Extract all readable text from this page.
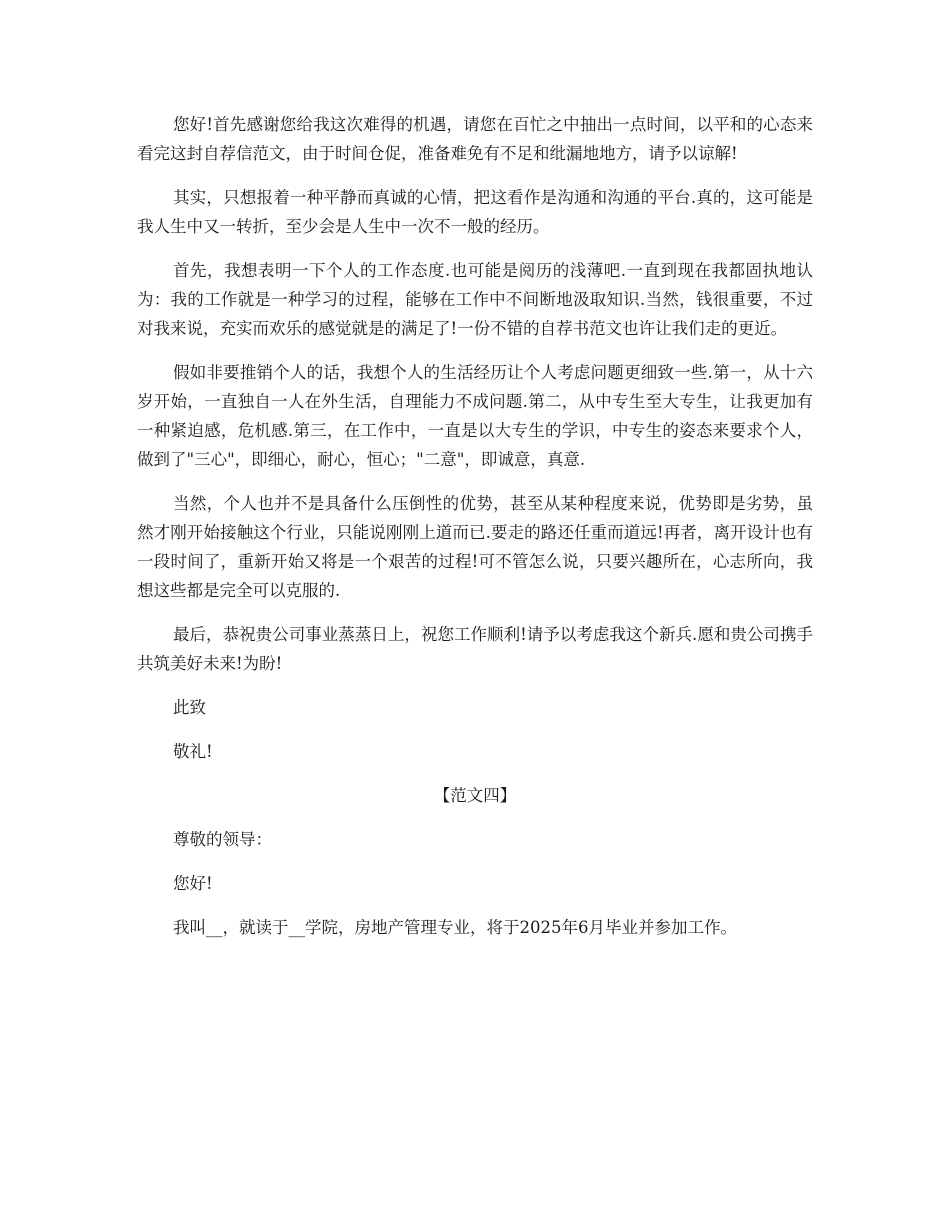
您好!首先感谢您给我这次难得的机遇，请您在百忙之中抽出一点时间，以平和的心态来看完这封自荐信范文，由于时间仓促，准备难免有不足和纰漏地地方，请予以谅解!

其实，只想报着一种平静而真诚的心情，把这看作是沟通和沟通的平台.真的，这可能是我人生中又一转折，至少会是人生中一次不一般的经历。

首先，我想表明一下个人的工作态度.也可能是阅历的浅薄吧.一直到现在我都固执地认为：我的工作就是一种学习的过程，能够在工作中不间断地汲取知识.当然，钱很重要，不过对我来说，充实而欢乐的感觉就是的满足了!一份不错的自荐书范文也许让我们走的更近。

假如非要推销个人的话，我想个人的生活经历让个人考虑问题更细致一些.第一，从十六岁开始，一直独自一人在外生活，自理能力不成问题.第二，从中专生至大专生，让我更加有一种紧迫感，危机感.第三，在工作中，一直是以大专生的学识，中专生的姿态来要求个人，做到了"三心"，即细心，耐心，恒心；"二意"，即诚意，真意.

当然，个人也并不是具备什么压倒性的优势，甚至从某种程度来说，优势即是劣势，虽然才刚开始接触这个行业，只能说刚刚上道而已.要走的路还任重而道远!再者，离开设计也有一段时间了，重新开始又将是一个艰苦的过程!可不管怎么说，只要兴趣所在，心志所向，我想这些都是完全可以克服的.

最后，恭祝贵公司事业蒸蒸日上，祝您工作顺利!请予以考虑我这个新兵.愿和贵公司携手共筑美好未来!为盼!

此致

敬礼!

【范文四】

尊敬的领导：

您好!

我叫__，就读于__学院，房地产管理专业，将于2025年6月毕业并参加工作。
